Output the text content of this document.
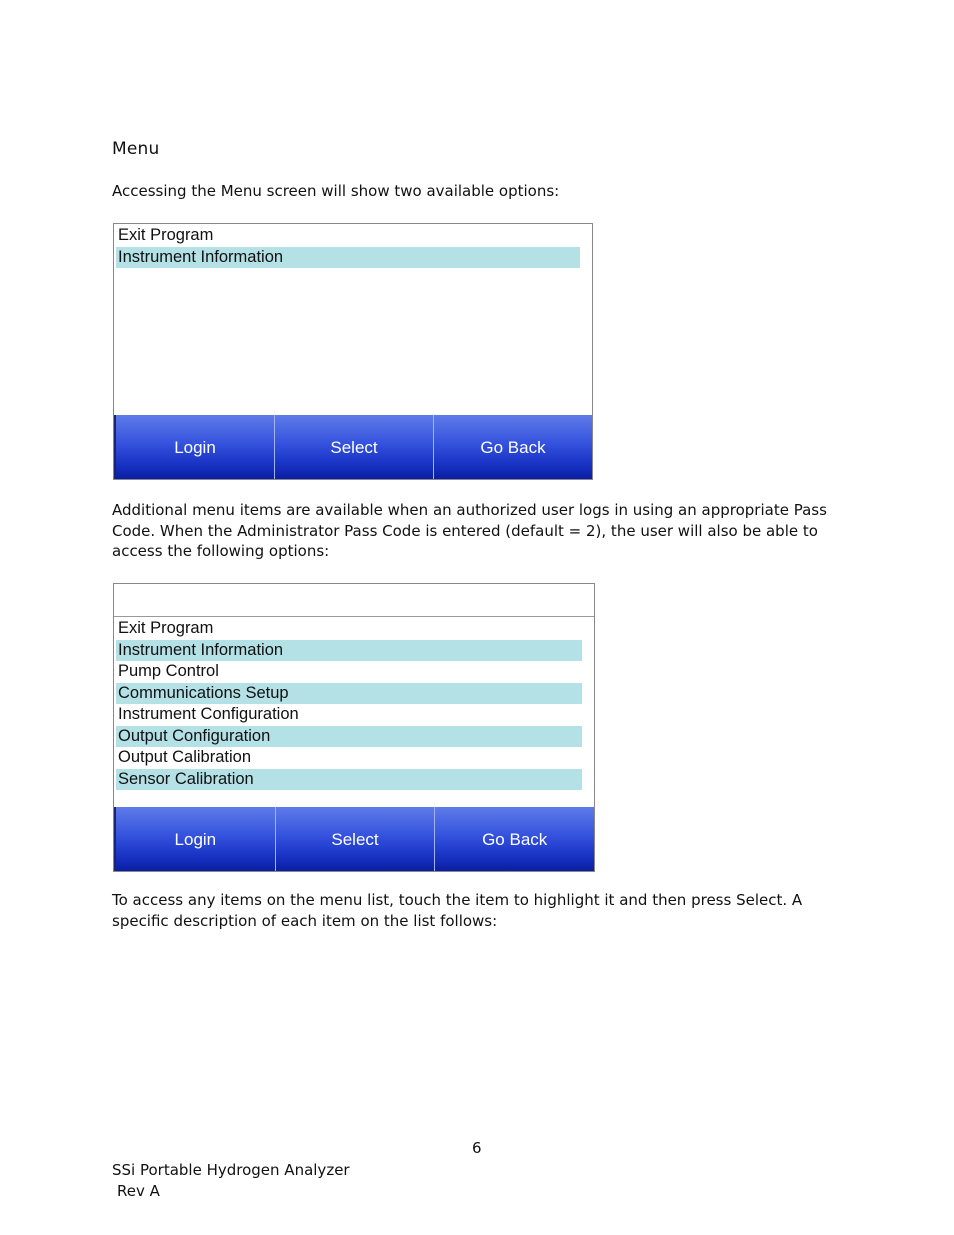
Menu

Accessing the Menu screen will show two available options:

Exit Program
Instrument Information
Login	Select	Go Back

Additional menu items are available when an authorized user logs in using an appropriate Pass Code. When the Administrator Pass Code is entered (default = 2), the user will also be able to access the following options:

Exit Program
Instrument Information
Pump Control
Communications Setup
Instrument Configuration
Output Configuration
Output Calibration
Sensor Calibration
Login	Select	Go Back

To access any items on the menu list, touch the item to highlight it and then press Select. A specific description of each item on the list follows:

6
SSi Portable Hydrogen Analyzer
Rev A
